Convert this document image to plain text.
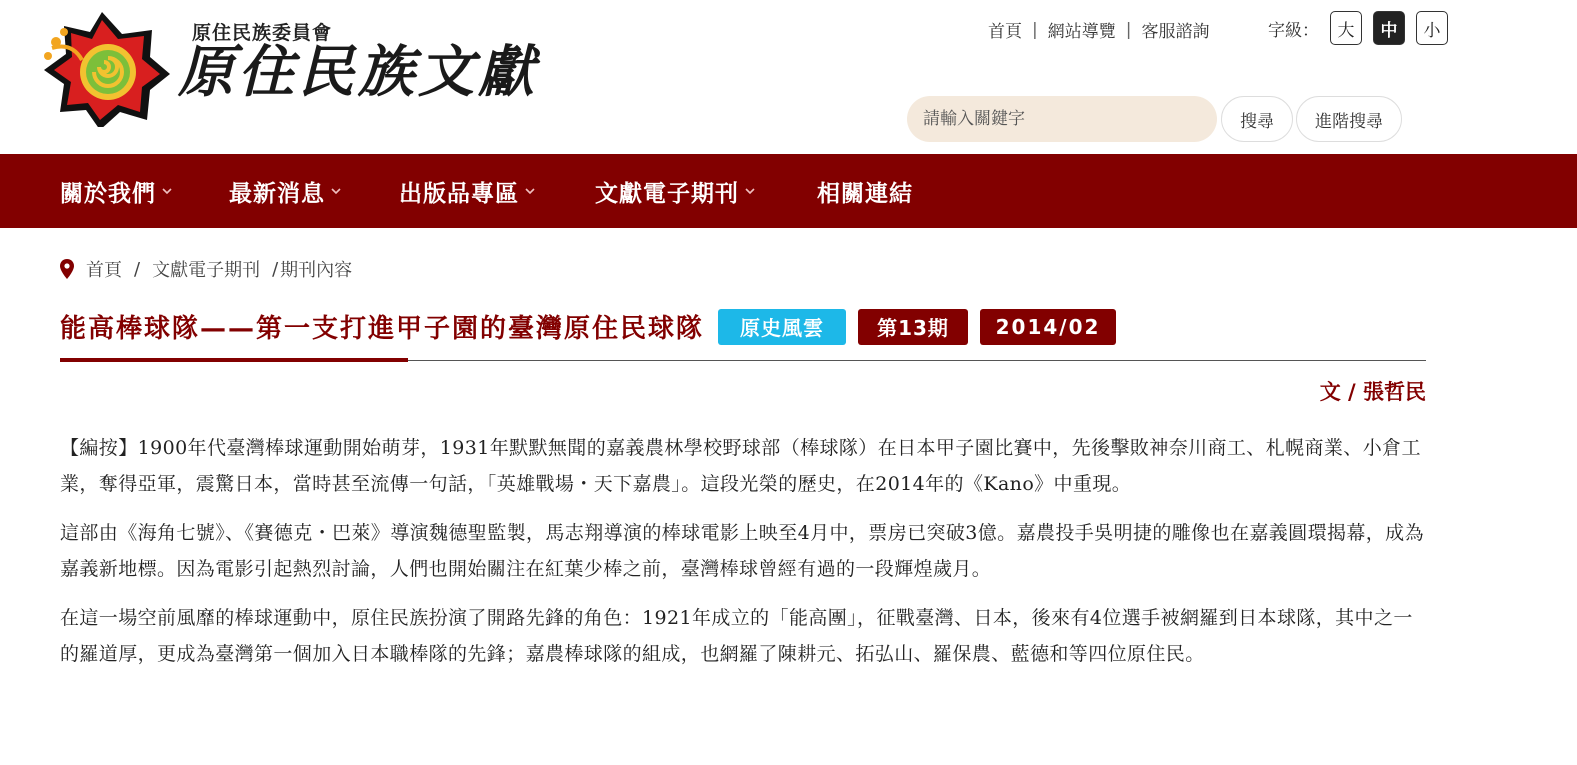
原住民族委員會
原住民族文獻
首頁 | 網站導覽 | 客服諮詢	字級：	大	中	小
請輸入關鍵字
搜尋	進階搜尋
關於我們	最新消息	出版品專區	文獻電子期刊	相關連結
首頁 / 文獻電子期刊 / 期刊內容
能高棒球隊——第一支打進甲子園的臺灣原住民球隊	原史風雲	第13期	2014/02
文 / 張哲民

【編按】1900年代臺灣棒球運動開始萌芽，1931年默默無聞的嘉義農林學校野球部（棒球隊）在日本甲子園比賽中，先後擊敗神奈川商工、札幌商業、小倉工業，奪得亞軍，震驚日本，當時甚至流傳一句話，「英雄戰場・天下嘉農」。這段光榮的歷史，在2014年的《Kano》中重現。

這部由《海角七號》、《賽德克・巴萊》導演魏德聖監製，馬志翔導演的棒球電影上映至4月中，票房已突破3億。嘉農投手吳明捷的雕像也在嘉義圓環揭幕，成為嘉義新地標。因為電影引起熱烈討論，人們也開始關注在紅葉少棒之前，臺灣棒球曾經有過的一段輝煌歲月。

在這一場空前風靡的棒球運動中，原住民族扮演了開路先鋒的角色：1921年成立的「能高團」，征戰臺灣、日本，後來有4位選手被網羅到日本球隊，其中之一的羅道厚，更成為臺灣第一個加入日本職棒隊的先鋒；嘉農棒球隊的組成，也網羅了陳耕元、拓弘山、羅保農、藍德和等四位原住民。
